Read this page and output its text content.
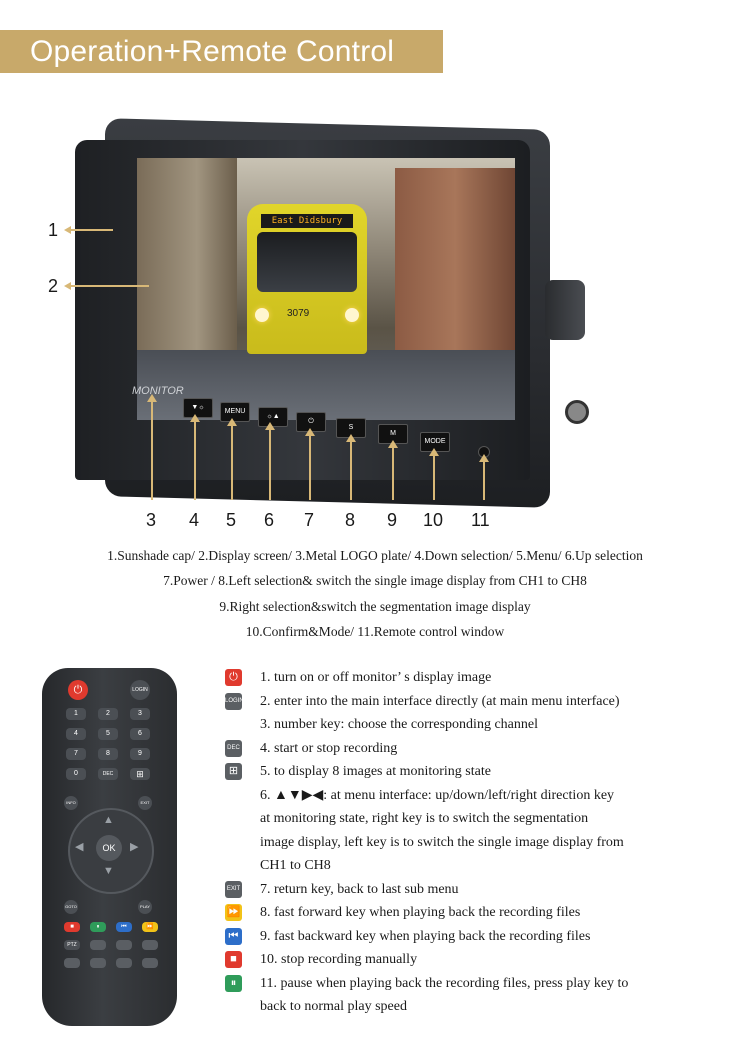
Operation+Remote Control
East Didsbury
3079
MONITOR
▼☼
MENU
☼▲
⏻
S
M
MODE
1
2
3 4 5 6 7 8 9 10 11
1.Sunshade cap/ 2.Display screen/ 3.Metal LOGO plate/ 4.Down selection/ 5.Menu/ 6.Up selection
7.Power / 8.Left selection& switch the single image display from CH1 to CH8
9.Right selection&switch the segmentation image display
10.Confirm&Mode/ 11.Remote control window
⏻	LOGIN
1	2	3
4	5	6
7	8	9
0	DEC	⊞
INFO	EXIT
OK
▲
▼
◀	▶
GOTO	PLAY
■	⏸	⏮	⏩
PTZ
⏻ 1. turn on or off monitor’ s display image
LOGIN 2. enter into the main interface directly (at main menu interface)
3. number key: choose the corresponding channel
DEC 4. start or stop recording
⊞ 5. to display 8 images at monitoring state
6. ▲▼▶◀: at menu interface: up/down/left/right direction key
at monitoring state, right key is to switch the segmentation
image display, left key is to switch the single image display from
CH1 to CH8
EXIT 7. return key, back to last sub menu
⏩ 8. fast forward key when playing back the recording files
⏮ 9. fast backward key when playing back the recording files
■	10. stop recording manually
⏸	11. pause when playing back the recording files, press play key to
back to normal play speed
